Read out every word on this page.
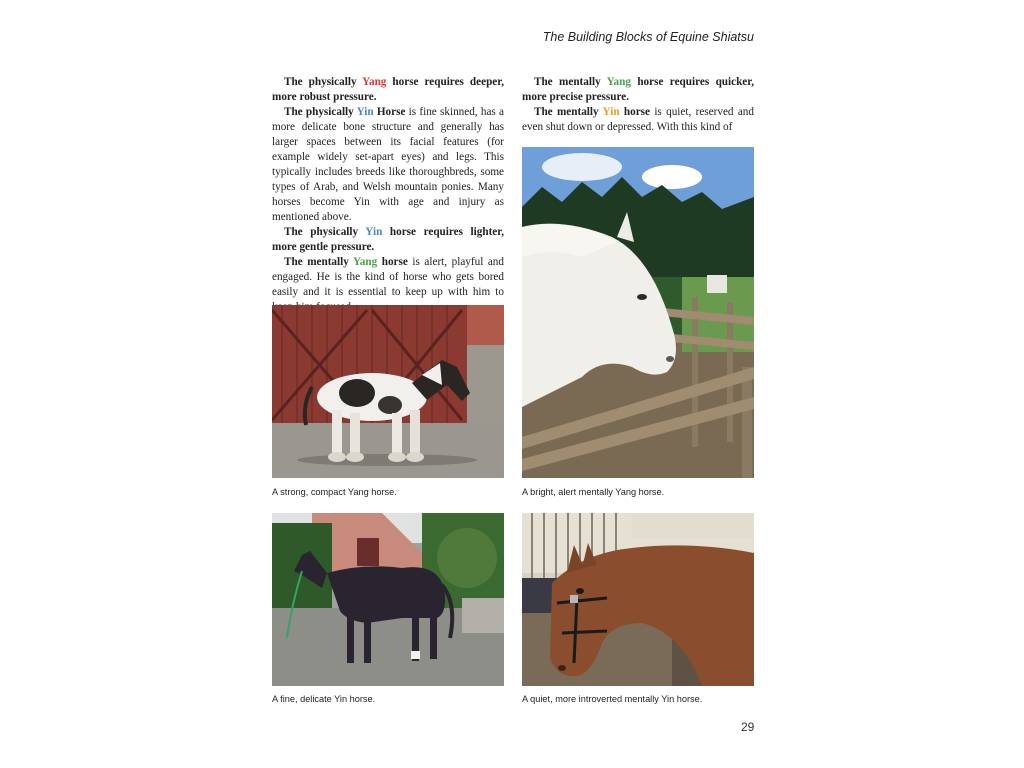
The Building Blocks of Equine Shiatsu

The physically Yang horse requires deeper, more robust pressure.

The physically Yin Horse is fine skinned, has a more delicate bone structure and generally has larger spaces between its facial features (for example widely set-apart eyes) and legs. This typically includes breeds like thoroughbreds, some types of Arab, and Welsh mountain ponies. Many horses become Yin with age and injury as mentioned above.

The physically Yin horse requires lighter, more gentle pressure.

The mentally Yang horse is alert, playful and engaged. He is the kind of horse who gets bored easily and it is essential to keep up with him to

The mentally Yang horse requires quicker, more precise pressure.

The mentally Yin horse is quiet, reserved and even shut down or depressed. With this kind of

A strong, compact Yang horse.	A bright, alert mentally Yang horse.
A fine, delicate Yin horse.	A quiet, more introverted mentally Yin horse.
29
